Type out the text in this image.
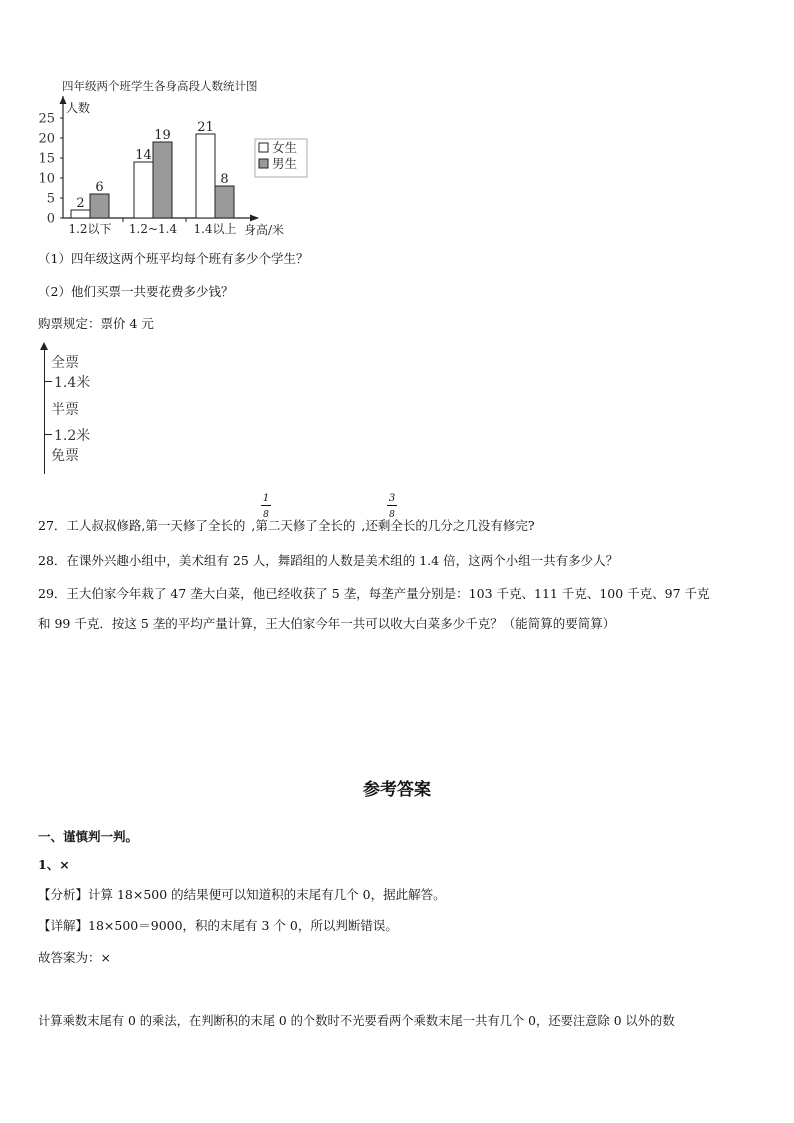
四年级两个班学生各身高段人数统计图
人数
0
5
10
15
20
25
2
6
1.2以下
14
19
1.2~1.4
21
8
1.4以上 身高/米
女生
男生
（1）四年级这两个班平均每个班有多少个学生？
（2）他们买票一共要花费多少钱？
购票规定：票价 4 元
全票
1.4米
半票
1.2米
免票
27．工人叔叔修路,第一天修了全长的 ,第二天修了全长的 ,还剩全长的几分之几没有修完?
1
8
3
8
28．在课外兴趣小组中，美术组有 25 人，舞蹈组的人数是美术组的 1.4 倍，这两个小组一共有多少人？
29．王大伯家今年栽了 47 垄大白菜，他已经收获了 5 垄，每垄产量分别是：103 千克、111 千克、100 千克、97 千克
和 99 千克．按这 5 垄的平均产量计算，王大伯家今年一共可以收大白菜多少千克？（能简算的要简算）
参考答案
一、谨慎判一判。
1、×
【分析】计算 18×500 的结果便可以知道积的末尾有几个 0，据此解答。
【详解】18×500＝9000，积的末尾有 3 个 0，所以判断错误。
故答案为：×
计算乘数末尾有 0 的乘法，在判断积的末尾 0 的个数时不光要看两个乘数末尾一共有几个 0，还要注意除 0 以外的数
